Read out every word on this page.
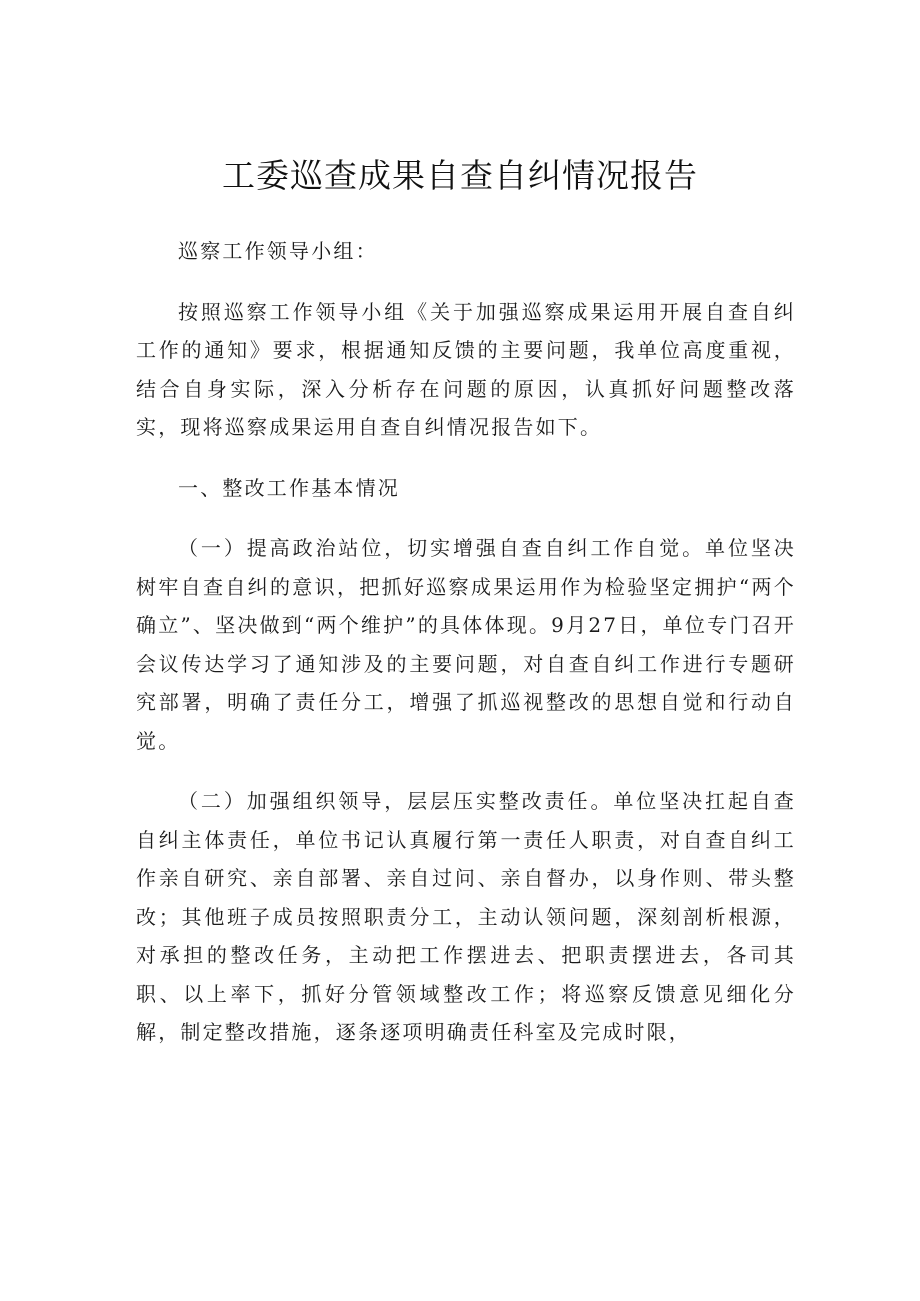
工委巡查成果自查自纠情况报告

巡察工作领导小组：

按照巡察工作领导小组《关于加强巡察成果运用开展自查自纠工作的通知》要求，根据通知反馈的主要问题，我单位高度重视，结合自身实际，深入分析存在问题的原因，认真抓好问题整改落实，现将巡察成果运用自查自纠情况报告如下。

一、整改工作基本情况

（一）提高政治站位，切实增强自查自纠工作自觉。单位坚决树牢自查自纠的意识，把抓好巡察成果运用作为检验坚定拥护“两个确立”、坚决做到“两个维护”的具体体现。9月27日，单位专门召开会议传达学习了通知涉及的主要问题，对自查自纠工作进行专题研究部署，明确了责任分工，增强了抓巡视整改的思想自觉和行动自觉。

（二）加强组织领导，层层压实整改责任。单位坚决扛起自查自纠主体责任，单位书记认真履行第一责任人职责，对自查自纠工作亲自研究、亲自部署、亲自过问、亲自督办，以身作则、带头整改；其他班子成员按照职责分工，主动认领问题，深刻剖析根源，对承担的整改任务，主动把工作摆进去、把职责摆进去，各司其职、以上率下，抓好分管领域整改工作；将巡察反馈意见细化分解，制定整改措施，逐条逐项明确责任科室及完成时限，
